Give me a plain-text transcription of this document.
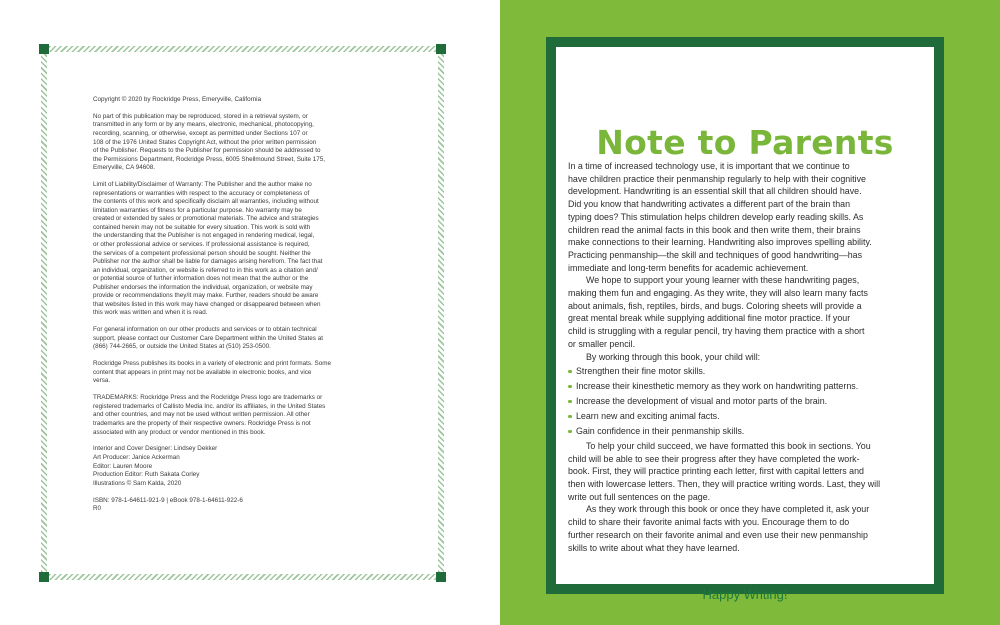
Copyright © 2020 by Rockridge Press, Emeryville, California

No part of this publication may be reproduced, stored in a retrieval system, or
transmitted in any form or by any means, electronic, mechanical, photocopying,
recording, scanning, or otherwise, except as permitted under Sections 107 or
108 of the 1976 United States Copyright Act, without the prior written permission
of the Publisher. Requests to the Publisher for permission should be addressed to
the Permissions Department, Rockridge Press, 6005 Shellmound Street, Suite 175,
Emeryville, CA 94608.

Limit of Liability/Disclaimer of Warranty: The Publisher and the author make no
representations or warranties with respect to the accuracy or completeness of
the contents of this work and specifically disclaim all warranties, including without
limitation warranties of fitness for a particular purpose. No warranty may be
created or extended by sales or promotional materials. The advice and strategies
contained herein may not be suitable for every situation. This work is sold with
the understanding that the Publisher is not engaged in rendering medical, legal,
or other professional advice or services. If professional assistance is required,
the services of a competent professional person should be sought. Neither the
Publisher nor the author shall be liable for damages arising herefrom. The fact that
an individual, organization, or website is referred to in this work as a citation and/
or potential source of further information does not mean that the author or the
Publisher endorses the information the individual, organization, or website may
provide or recommendations they/it may make. Further, readers should be aware
that websites listed in this work may have changed or disappeared between when
this work was written and when it is read.

For general information on our other products and services or to obtain technical
support, please contact our Customer Care Department within the United States at
(866) 744-2665, or outside the United States at (510) 253-0500.

Rockridge Press publishes its books in a variety of electronic and print formats. Some
content that appears in print may not be available in electronic books, and vice
versa.

TRADEMARKS: Rockridge Press and the Rockridge Press logo are trademarks or
registered trademarks of Callisto Media Inc. and/or its affiliates, in the United States
and other countries, and may not be used without written permission. All other
trademarks are the property of their respective owners. Rockridge Press is not
associated with any product or vendor mentioned in this book.

Interior and Cover Designer: Lindsey Dekker
Art Producer: Janice Ackerman
Editor: Lauren Moore
Production Editor: Ruth Sakata Corley
Illustrations © Sam Kalda, 2020

ISBN: 978-1-64611-921-9 | eBook 978-1-64611-922-6
R0

Note to Parents
In a time of increased technology use, it is important that we continue to
have children practice their penmanship regularly to help with their cognitive
development. Handwriting is an essential skill that all children should have.
Did you know that handwriting activates a different part of the brain than
typing does? This stimulation helps children develop early reading skills. As
children read the animal facts in this book and then write them, their brains
make connections to their learning. Handwriting also improves spelling ability.
Practicing penmanship—the skill and techniques of good handwriting—has
immediate and long-term benefits for academic achievement.
We hope to support your young learner with these handwriting pages,
making them fun and engaging. As they write, they will also learn many facts
about animals, fish, reptiles, birds, and bugs. Coloring sheets will provide a
great mental break while supplying additional fine motor practice. If your
child is struggling with a regular pencil, try having them practice with a short
or smaller pencil.
By working through this book, your child will:
Strengthen their fine motor skills.
Increase their kinesthetic memory as they work on handwriting patterns.
Increase the development of visual and motor parts of the brain.
Learn new and exciting animal facts.
Gain confidence in their penmanship skills.
To help your child succeed, we have formatted this book in sections. You
child will be able to see their progress after they have completed the work-
book. First, they will practice printing each letter, first with capital letters and
then with lowercase letters. Then, they will practice writing words. Last, they will
write out full sentences on the page.
As they work through this book or once they have completed it, ask your
child to share their favorite animal facts with you. Encourage them to do
further research on their favorite animal and even use their new penmanship
skills to write about what they have learned.
Happy Writing!
